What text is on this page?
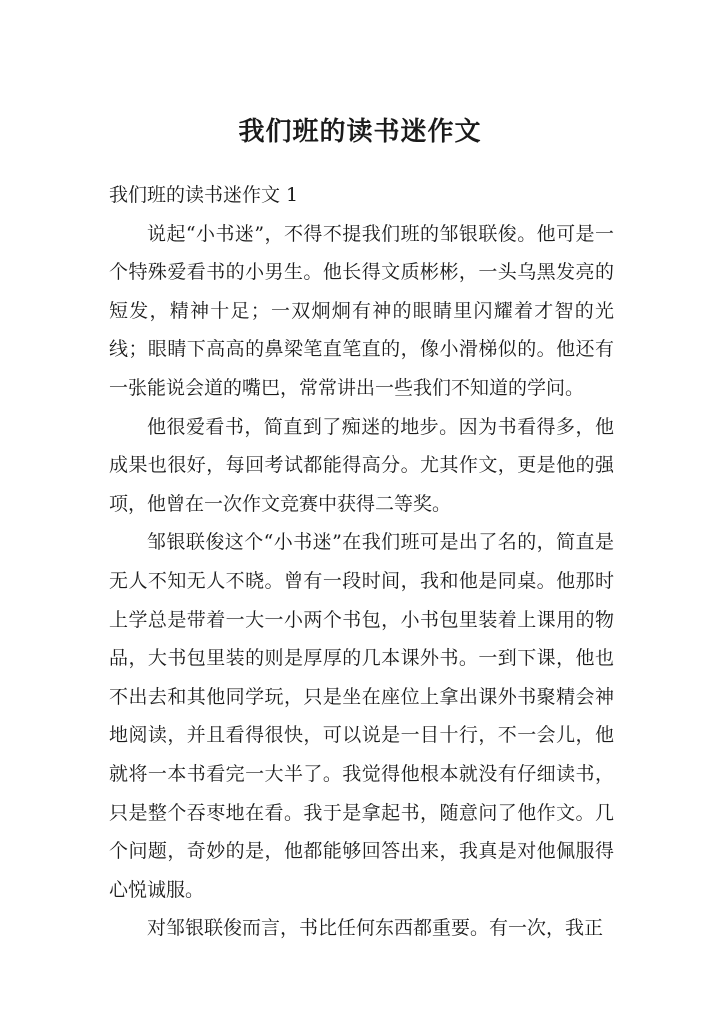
我们班的读书迷作文

我们班的读书迷作文 1

说起“小书迷”，不得不提我们班的邹银联俊。他可是一个特殊爱看书的小男生。他长得文质彬彬，一头乌黑发亮的短发，精神十足；一双炯炯有神的眼睛里闪耀着才智的光线；眼睛下高高的鼻梁笔直笔直的，像小滑梯似的。他还有一张能说会道的嘴巴，常常讲出一些我们不知道的学问。

他很爱看书，简直到了痴迷的地步。因为书看得多，他成果也很好，每回考试都能得高分。尤其作文，更是他的强项，他曾在一次作文竞赛中获得二等奖。

邹银联俊这个“小书迷”在我们班可是出了名的，简直是无人不知无人不晓。曾有一段时间，我和他是同桌。他那时上学总是带着一大一小两个书包，小书包里装着上课用的物品，大书包里装的则是厚厚的几本课外书。一到下课，他也不出去和其他同学玩，只是坐在座位上拿出课外书聚精会神地阅读，并且看得很快，可以说是一目十行，不一会儿，他就将一本书看完一大半了。我觉得他根本就没有仔细读书，只是整个吞枣地在看。我于是拿起书，随意问了他作文。几个问题，奇妙的是，他都能够回答出来，我真是对他佩服得心悦诚服。

对邹银联俊而言，书比任何东西都重要。有一次，我正
